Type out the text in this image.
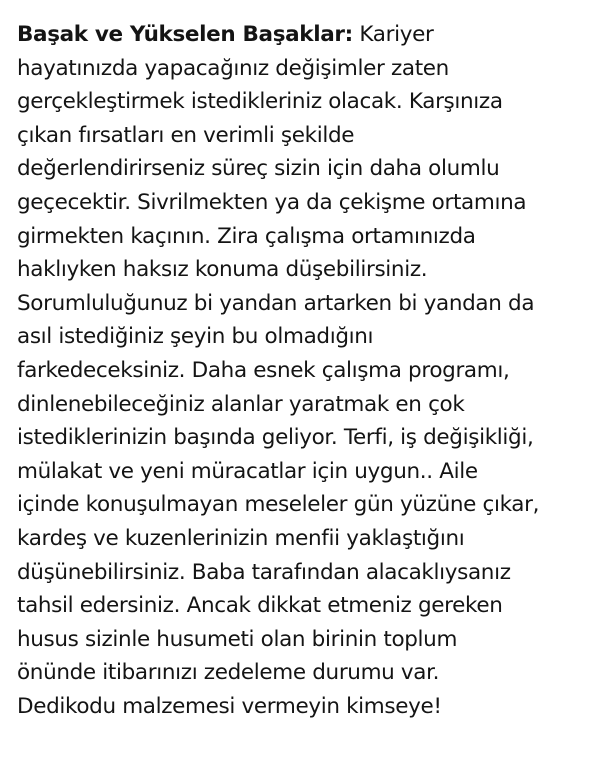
Başak ve Yükselen Başaklar: Kariyer
hayatınızda yapacağınız değişimler zaten
gerçekleştirmek istedikleriniz olacak. Karşınıza
çıkan fırsatları en verimli şekilde
değerlendirirseniz süreç sizin için daha olumlu
geçecektir. Sivrilmekten ya da çekişme ortamına
girmekten kaçının. Zira çalışma ortamınızda
haklıyken haksız konuma düşebilirsiniz.
Sorumluluğunuz bi yandan artarken bi yandan da
asıl istediğiniz şeyin bu olmadığını
farkedeceksiniz. Daha esnek çalışma programı,
dinlenebileceğiniz alanlar yaratmak en çok
istediklerinizin başında geliyor. Terfi, iş değişikliği,
mülakat ve yeni müracatlar için uygun.. Aile
içinde konuşulmayan meseleler gün yüzüne çıkar,
kardeş ve kuzenlerinizin menfii yaklaştığını
düşünebilirsiniz. Baba tarafından alacaklıysanız
tahsil edersiniz. Ancak dikkat etmeniz gereken
husus sizinle husumeti olan birinin toplum
önünde itibarınızı zedeleme durumu var.
Dedikodu malzemesi vermeyin kimseye!
